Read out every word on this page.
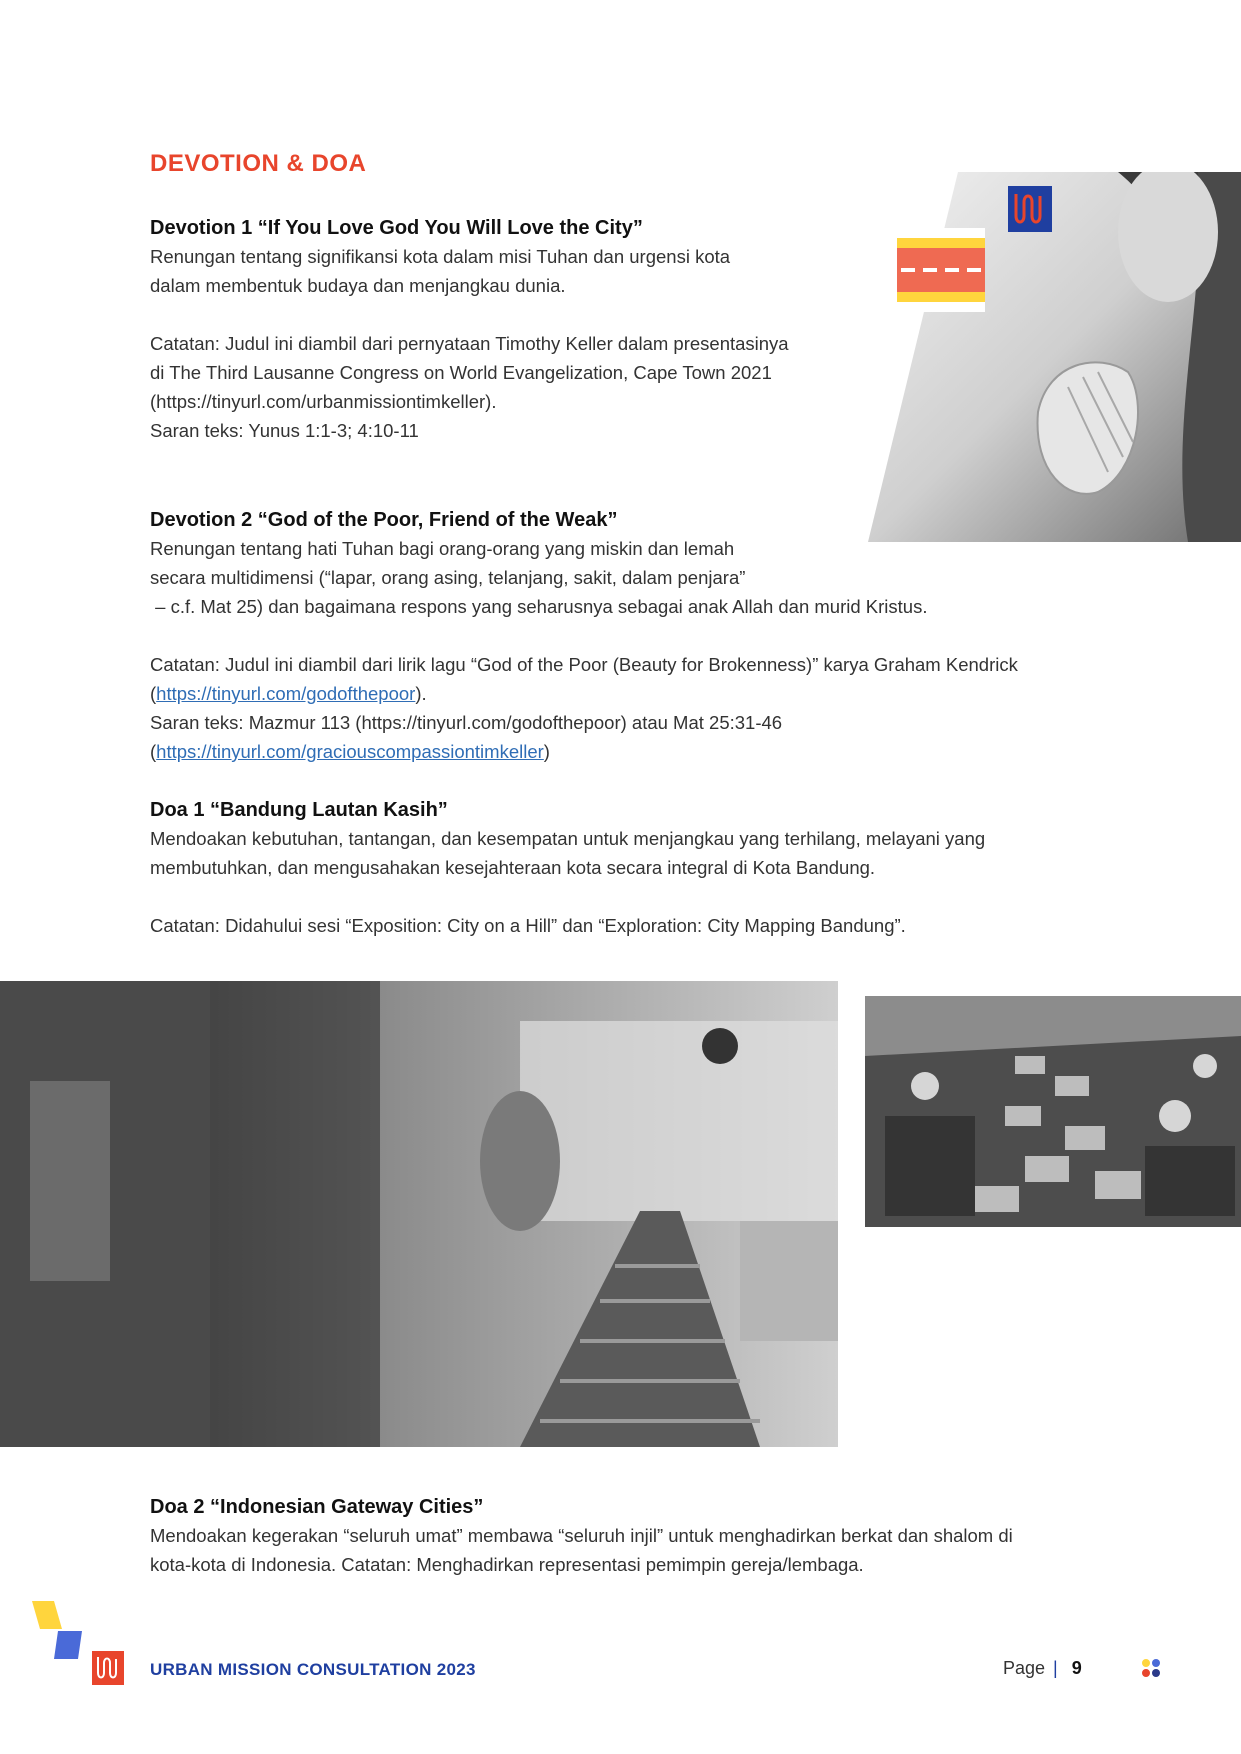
DEVOTION & DOA

Devotion 1 “If You Love God You Will Love the City”

Renungan tentang signifikansi kota dalam misi Tuhan dan urgensi kota

dalam membentuk budaya dan menjangkau dunia.

Catatan: Judul ini diambil dari pernyataan Timothy Keller dalam presentasinya

di The Third Lausanne Congress on World Evangelization, Cape Town 2021

(https://tinyurl.com/urbanmissiontimkeller).

Saran teks: Yunus 1:1-3; 4:10-11

Devotion 2 “God of the Poor, Friend of the Weak”

Renungan tentang hati Tuhan bagi orang-orang yang miskin dan lemah

secara multidimensi (“lapar, orang asing, telanjang, sakit, dalam penjara”

– c.f. Mat 25) dan bagaimana respons yang seharusnya sebagai anak Allah dan murid Kristus.

Catatan: Judul ini diambil dari lirik lagu “God of the Poor (Beauty for Brokenness)” karya Graham Kendrick

(https://tinyurl.com/godofthepoor).

Saran teks: Mazmur 113 (https://tinyurl.com/godofthepoor) atau Mat 25:31-46

(https://tinyurl.com/graciouscompassiontimkeller)

Doa 1 “Bandung Lautan Kasih”

Mendoakan kebutuhan, tantangan, dan kesempatan untuk menjangkau yang terhilang, melayani yang

membutuhkan, dan mengusahakan kesejahteraan kota secara integral di Kota Bandung.

Catatan: Didahului sesi “Exposition: City on a Hill” dan “Exploration: City Mapping Bandung”.

Doa 2 “Indonesian Gateway Cities”

Mendoakan kegerakan “seluruh umat” membawa “seluruh injil” untuk menghadirkan berkat dan shalom di

kota-kota di Indonesia. Catatan: Menghadirkan representasi pemimpin gereja/lembaga.

URBAN MISSION CONSULTATION 2023	Page | 9
